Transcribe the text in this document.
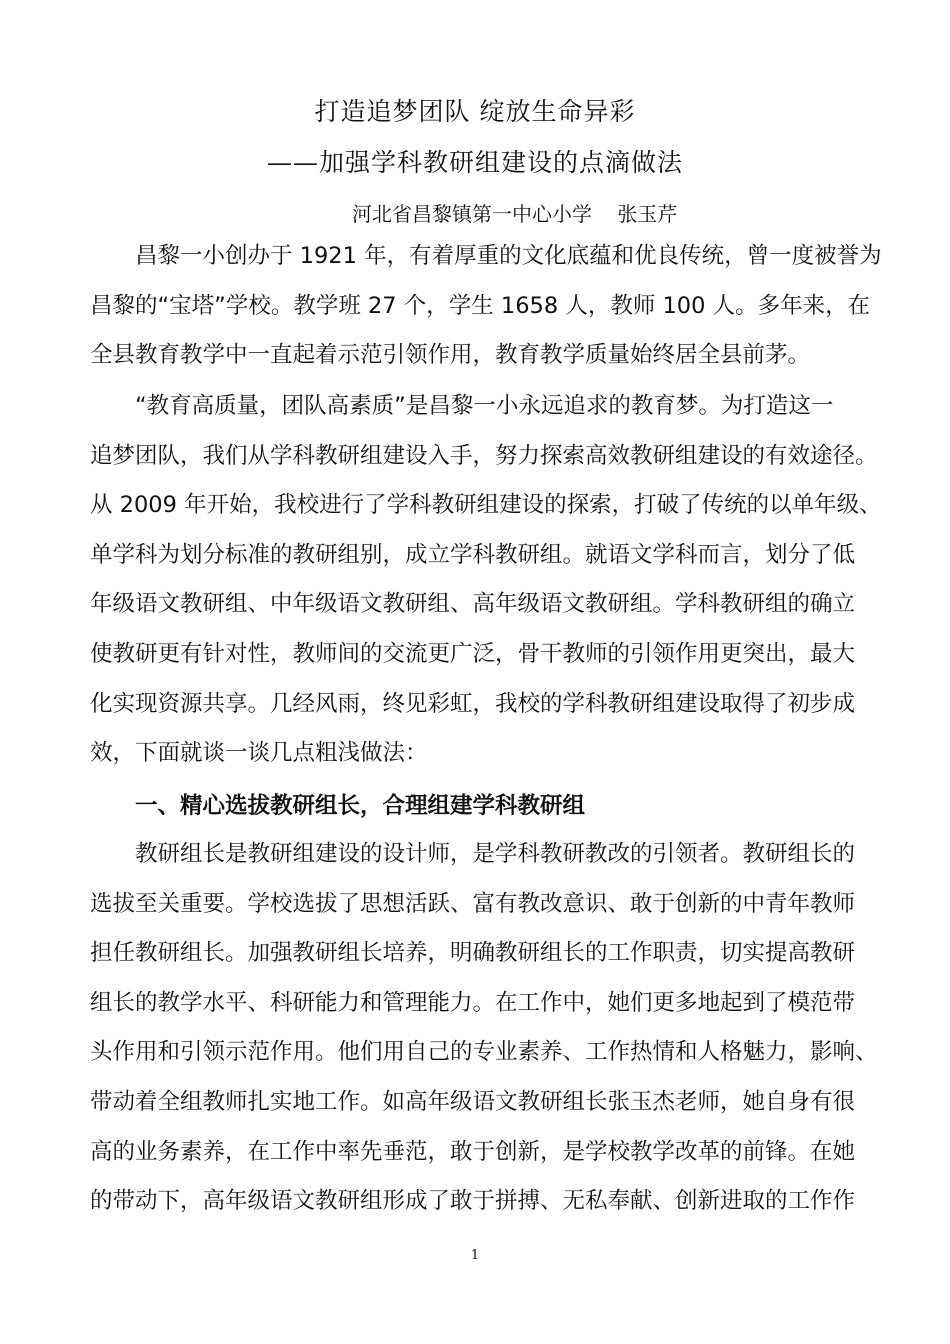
打造追梦团队 绽放生命异彩
——加强学科教研组建设的点滴做法
河北省昌黎镇第一中心小学    张玉芹

　　昌黎一小创办于 1921 年，有着厚重的文化底蕴和优良传统，曾一度被誉为
昌黎的“宝塔”学校。教学班 27 个，学生 1658 人，教师 100 人。多年来，在
全县教育教学中一直起着示范引领作用，教育教学质量始终居全县前茅。

　　“教育高质量，团队高素质”是昌黎一小永远追求的教育梦。为打造这一
追梦团队，我们从学科教研组建设入手，努力探索高效教研组建设的有效途径。
从 2009 年开始，我校进行了学科教研组建设的探索，打破了传统的以单年级、
单学科为划分标准的教研组别，成立学科教研组。就语文学科而言，划分了低
年级语文教研组、中年级语文教研组、高年级语文教研组。学科教研组的确立
使教研更有针对性，教师间的交流更广泛，骨干教师的引领作用更突出，最大
化实现资源共享。几经风雨，终见彩虹，我校的学科教研组建设取得了初步成
效，下面就谈一谈几点粗浅做法：

　　一、精心选拔教研组长，合理组建学科教研组

　　教研组长是教研组建设的设计师，是学科教研教改的引领者。教研组长的
选拔至关重要。学校选拔了思想活跃、富有教改意识、敢于创新的中青年教师
担任教研组长。加强教研组长培养，明确教研组长的工作职责，切实提高教研
组长的教学水平、科研能力和管理能力。在工作中，她们更多地起到了模范带
头作用和引领示范作用。他们用自己的专业素养、工作热情和人格魅力，影响、
带动着全组教师扎实地工作。如高年级语文教研组长张玉杰老师，她自身有很
高的业务素养，在工作中率先垂范，敢于创新，是学校教学改革的前锋。在她
的带动下，高年级语文教研组形成了敢于拼搏、无私奉献、创新进取的工作作

1
